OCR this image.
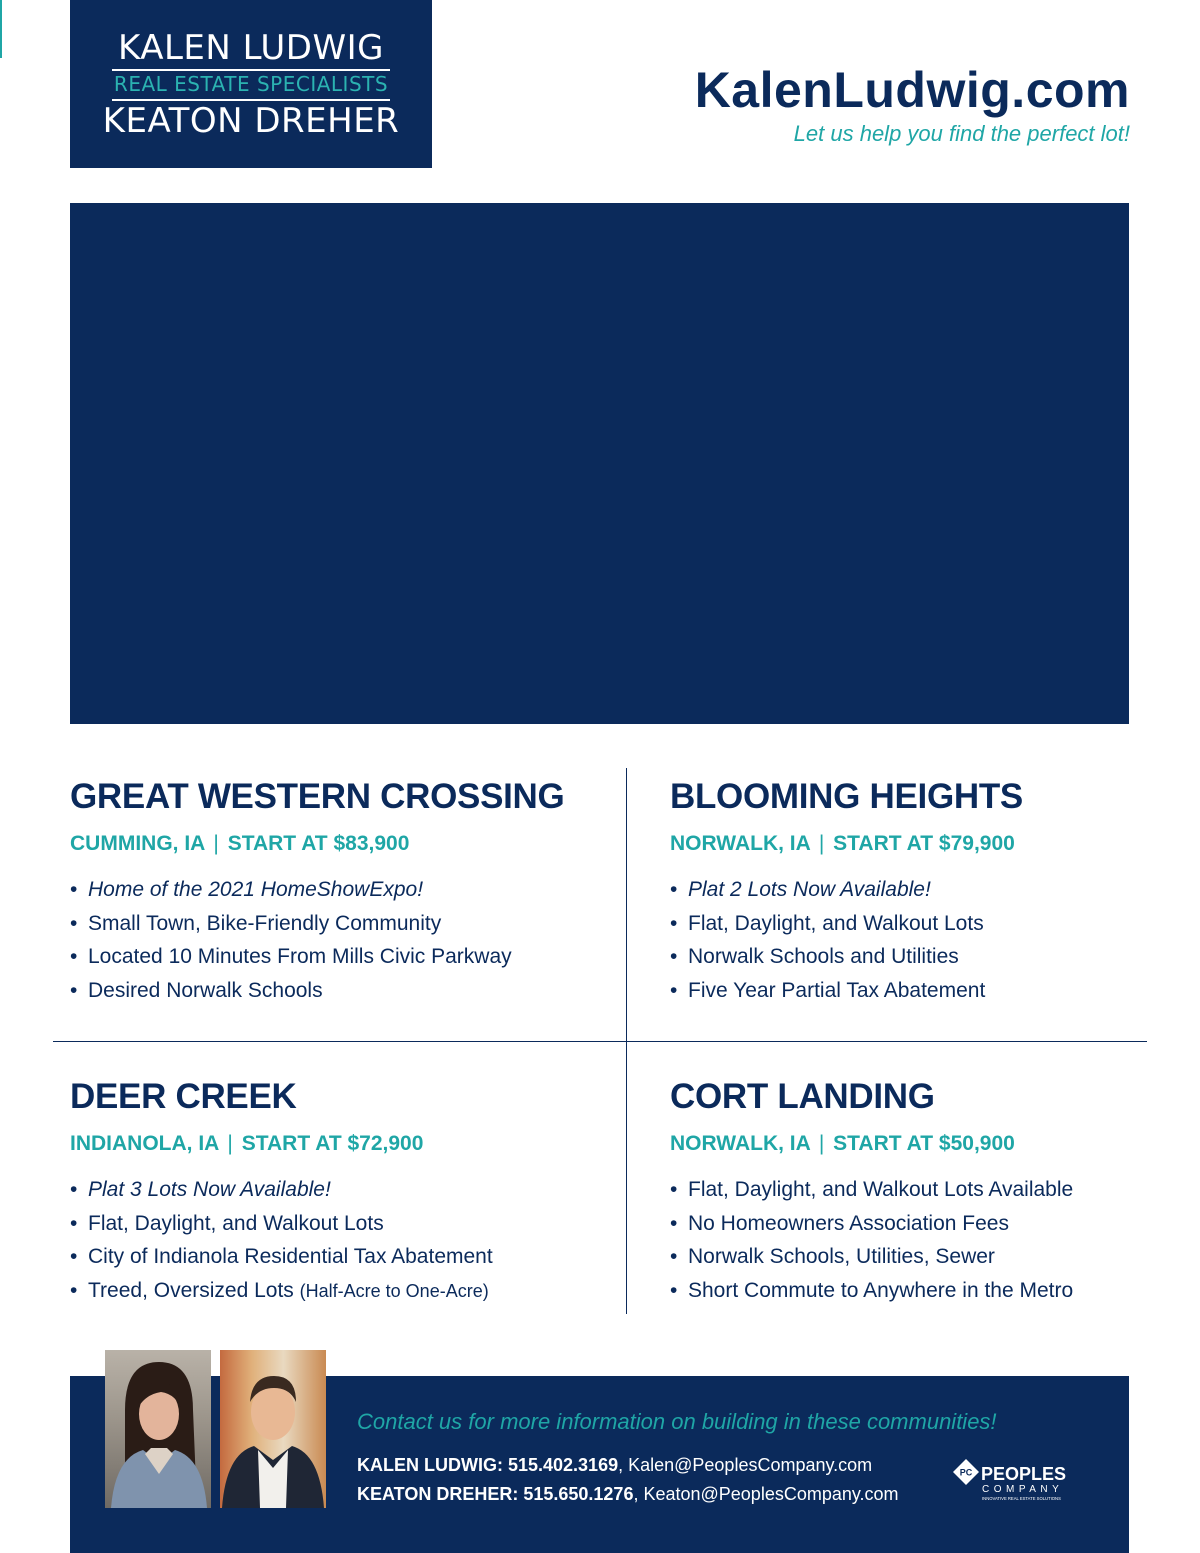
KALEN LUDWIG
REAL ESTATE SPECIALISTS
KEATON DREHER
KalenLudwig.com
Let us help you find the perfect lot!
GREAT WESTERN CROSSING
CUMMING, IA | START AT $83,900
• Home of the 2021 HomeShowExpo!
• Small Town, Bike-Friendly Community
• Located 10 Minutes From Mills Civic Parkway
• Desired Norwalk Schools
BLOOMING HEIGHTS
NORWALK, IA | START AT $79,900
• Plat 2 Lots Now Available!
• Flat, Daylight, and Walkout Lots
• Norwalk Schools and Utilities
• Five Year Partial Tax Abatement
DEER CREEK
INDIANOLA, IA | START AT $72,900
• Plat 3 Lots Now Available!
• Flat, Daylight, and Walkout Lots
• City of Indianola Residential Tax Abatement
• Treed, Oversized Lots (Half-Acre to One-Acre)
CORT LANDING
NORWALK, IA | START AT $50,900
• Flat, Daylight, and Walkout Lots Available
• No Homeowners Association Fees
• Norwalk Schools, Utilities, Sewer
• Short Commute to Anywhere in the Metro
Contact us for more information on building in these communities!
KALEN LUDWIG: 515.402.3169, Kalen@PeoplesCompany.com
KEATON DREHER: 515.650.1276, Keaton@PeoplesCompany.com
PC PEOPLES
COMPANY
INNOVATIVE REAL ESTATE SOLUTIONS
